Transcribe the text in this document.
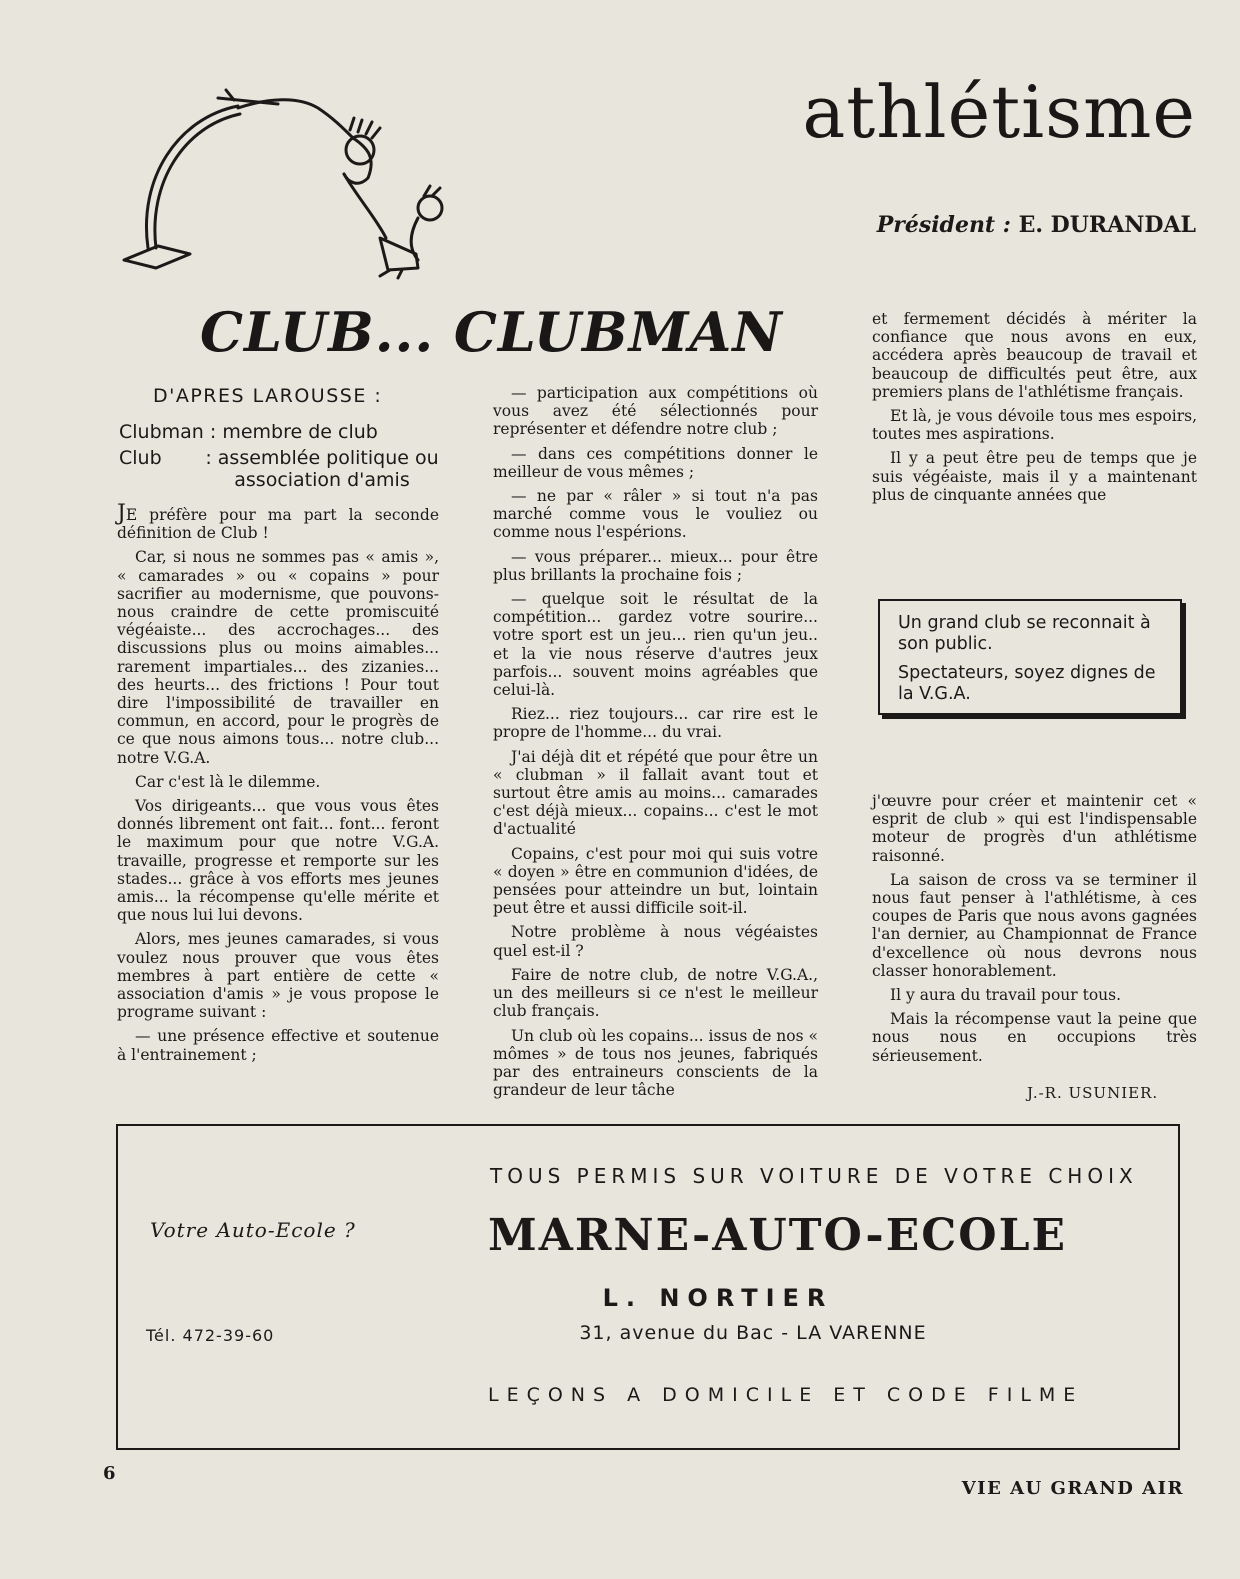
athlétisme
Président : E. DURANDAL
CLUB... CLUBMAN
D'APRES LAROUSSE :
Clubman : membre de club
Club	: assemblée politique ou association d'amis

JE préfère pour ma part la seconde définition de Club !

Car, si nous ne sommes pas « amis », « camarades » ou « copains » pour sacrifier au modernisme, que pouvons-nous craindre de cette promiscuité végéaiste... des accrochages... des discussions plus ou moins aimables... rarement impartiales... des zizanies... des heurts... des frictions ! Pour tout dire l'impossibilité de travailler en commun, en accord, pour le progrès de ce que nous aimons tous... notre club... notre V.G.A.

Car c'est là le dilemme.

Vos dirigeants... que vous vous êtes donnés librement ont fait... font... feront le maximum pour que notre V.G.A. travaille, progresse et remporte sur les stades... grâce à vos efforts mes jeunes amis... la récompense qu'elle mérite et que nous lui lui devons.

Alors, mes jeunes camarades, si vous voulez nous prouver que vous êtes membres à part entière de cette « association d'amis » je vous propose le programe suivant :

— une présence effective et soutenue à l'entrainement ;

— participation aux compétitions où vous avez été sélectionnés pour représenter et défendre notre club ;

— dans ces compétitions donner le meilleur de vous mêmes ;

— ne par « râler » si tout n'a pas marché comme vous le vouliez ou comme nous l'espérions.

— vous préparer... mieux... pour être plus brillants la prochaine fois ;

— quelque soit le résultat de la compétition... gardez votre sourire... votre sport est un jeu... rien qu'un jeu.. et la vie nous réserve d'autres jeux parfois... souvent moins agréables que celui-là.

Riez... riez toujours... car rire est le propre de l'homme... du vrai.

J'ai déjà dit et répété que pour être un « clubman » il fallait avant tout et surtout être amis au moins... camarades c'est déjà mieux... copains... c'est le mot d'actualité

Copains, c'est pour moi qui suis votre « doyen » être en communion d'idées, de pensées pour atteindre un but, lointain peut être et aussi difficile soit-il.

Notre problème à nous végéaistes quel est-il ?

Faire de notre club, de notre V.G.A., un des meilleurs si ce n'est le meilleur club français.

Un club où les copains... issus de nos « mômes » de tous nos jeunes, fabriqués par des entraineurs conscients de la grandeur de leur tâche

et fermement décidés à mériter la confiance que nous avons en eux, accédera après beaucoup de travail et beaucoup de difficultés peut être, aux premiers plans de l'athlétisme français.

Et là, je vous dévoile tous mes espoirs, toutes mes aspirations.

Il y a peut être peu de temps que je suis végéaiste, mais il y a maintenant plus de cinquante années que

Un grand club se reconnait à son public.
Spectateurs, soyez dignes de la V.G.A.

j'œuvre pour créer et maintenir cet « esprit de club » qui est l'indispensable moteur de progrès d'un athlétisme raisonné.

La saison de cross va se terminer il nous faut penser à l'athlétisme, à ces coupes de Paris que nous avons gagnées l'an dernier, au Championnat de France d'excellence où nous devrons nous classer honorablement.

Il y aura du travail pour tous.

Mais la récompense vaut la peine que nous nous en occupions très sérieusement.

J.-R. USUNIER.
Votre Auto-Ecole ?
Tél. 472-39-60
TOUS PERMIS SUR VOITURE DE VOTRE CHOIX
MARNE-AUTO-ECOLE
L. NORTIER
31, avenue du Bac - LA VARENNE
LEÇONS A DOMICILE ET CODE FILME
6
VIE AU GRAND AIR
